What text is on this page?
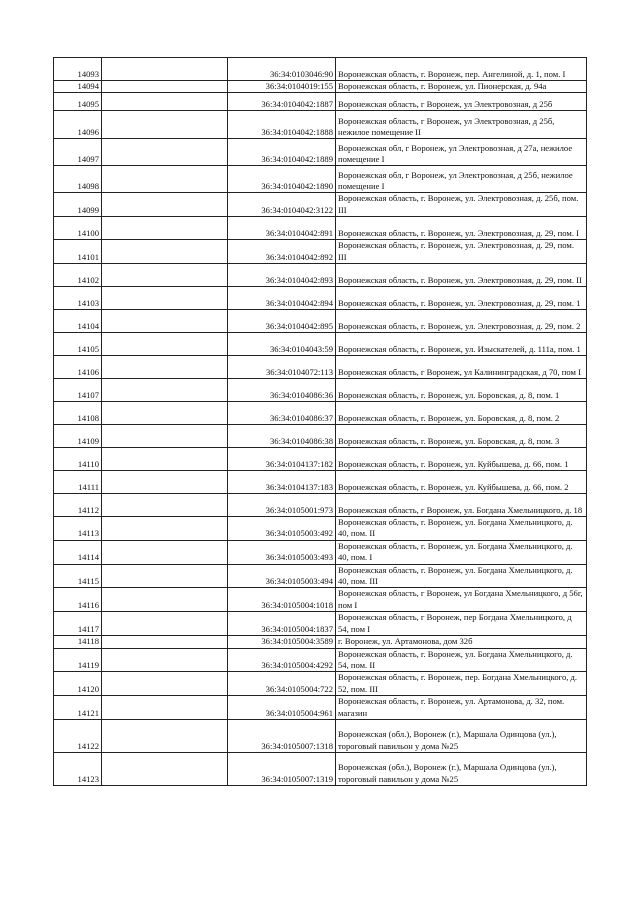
14093		36:34:0103046:90	Воронежская область, г. Воронеж, пер. Ангелиной, д. 1, пом. I

14094		36:34:0104019:155	Воронежская область, г. Воронеж, ул. Пионерская, д. 94а

14095		36:34:0104042:1887	Воронежская область, г Воронеж, ул Электровозная, д 25б

14096		36:34:0104042:1888	Воронежская область, г Воронеж, ул Электровозная, д 25б, нежилое помещение II

14097		36:34:0104042:1889	Воронежская обл, г Воронеж, ул Электровозная, д 27а, нежилое помещение I

14098		36:34:0104042:1890	Воронежская обл, г Воронеж, ул Электровозная, д 25б, нежилое помещение I

14099		36:34:0104042:3122	Воронежская область, г. Воронеж, ул. Электровозная, д. 25б, пом. III

14100		36:34:0104042:891	Воронежская область, г. Воронеж, ул. Электровозная, д. 29, пом. I

14101		36:34:0104042:892	Воронежская область, г. Воронеж, ул. Электровозная, д. 29, пом. III

14102		36:34:0104042:893	Воронежская область, г. Воронеж, ул. Электровозная, д. 29, пом. II

14103		36:34:0104042:894	Воронежская область, г. Воронеж, ул. Электровозная, д. 29, пом. 1

14104		36:34:0104042:895	Воронежская область, г. Воронеж, ул. Электровозная, д. 29, пом. 2

14105		36:34:0104043:59	Воронежская область, г. Воронеж, ул. Изыскателей, д. 111а, пом. 1

14106		36:34:0104072:113	Воронежская область, г Воронеж, ул Калининградская, д 70, пом I

14107		36:34:0104086:36	Воронежская область, г. Воронеж, ул. Боровская, д. 8, пом. 1

14108		36:34:0104086:37	Воронежская область, г. Воронеж, ул. Боровская, д. 8, пом. 2

14109		36:34:0104086:38	Воронежская область, г. Воронеж, ул. Боровская, д. 8, пом. 3

14110		36:34:0104137:182	Воронежская область, г. Воронеж, ул. Куйбышева, д. 66, пом. 1

14111		36:34:0104137:183	Воронежская область, г. Воронеж, ул. Куйбышева, д. 66, пом. 2

14112		36:34:0105001:973	Воронежская область, г Воронеж, ул. Богдана Хмельницкого, д. 18

14113		36:34:0105003:492	Воронежская область, г. Воронеж, ул. Богдана Хмельницкого, д. 40, пом. II

14114		36:34:0105003:493	Воронежская область, г. Воронеж, ул. Богдана Хмельницкого, д. 40, пом. I

14115		36:34:0105003:494	Воронежская область, г. Воронеж, ул. Богдана Хмельницкого, д. 40, пом. III

14116		36:34:0105004:1018	Воронежская область, г Воронеж, ул Богдана Хмельницкого, д 56г, пом I

14117		36:34:0105004:1837	Воронежская область, г Воронеж, пер Богдана Хмельницкого, д 54, пом I

14118		36:34:0105004:3589	г. Воронеж, ул. Артамонова, дом 32б

14119		36:34:0105004:4292	Воронежская область, г. Воронеж, ул. Богдана Хмельницкого, д. 54, пом. II

14120		36:34:0105004:722	Воронежская область, г. Воронеж, пер. Богдана Хмельницкого, д. 52, пом. III

14121		36:34:0105004:961	Воронежская область, г. Воронеж, ул. Артамонова, д. 32, пом. магазин

14122		36:34:0105007:1318	Воронежская (обл.), Воронеж (г.), Маршала Одинцова (ул.), тороговый павильон у дома №25

14123		36:34:0105007:1319	Воронежская (обл.), Воронеж (г.), Маршала Одинцова (ул.), тороговый павильон у дома №25
